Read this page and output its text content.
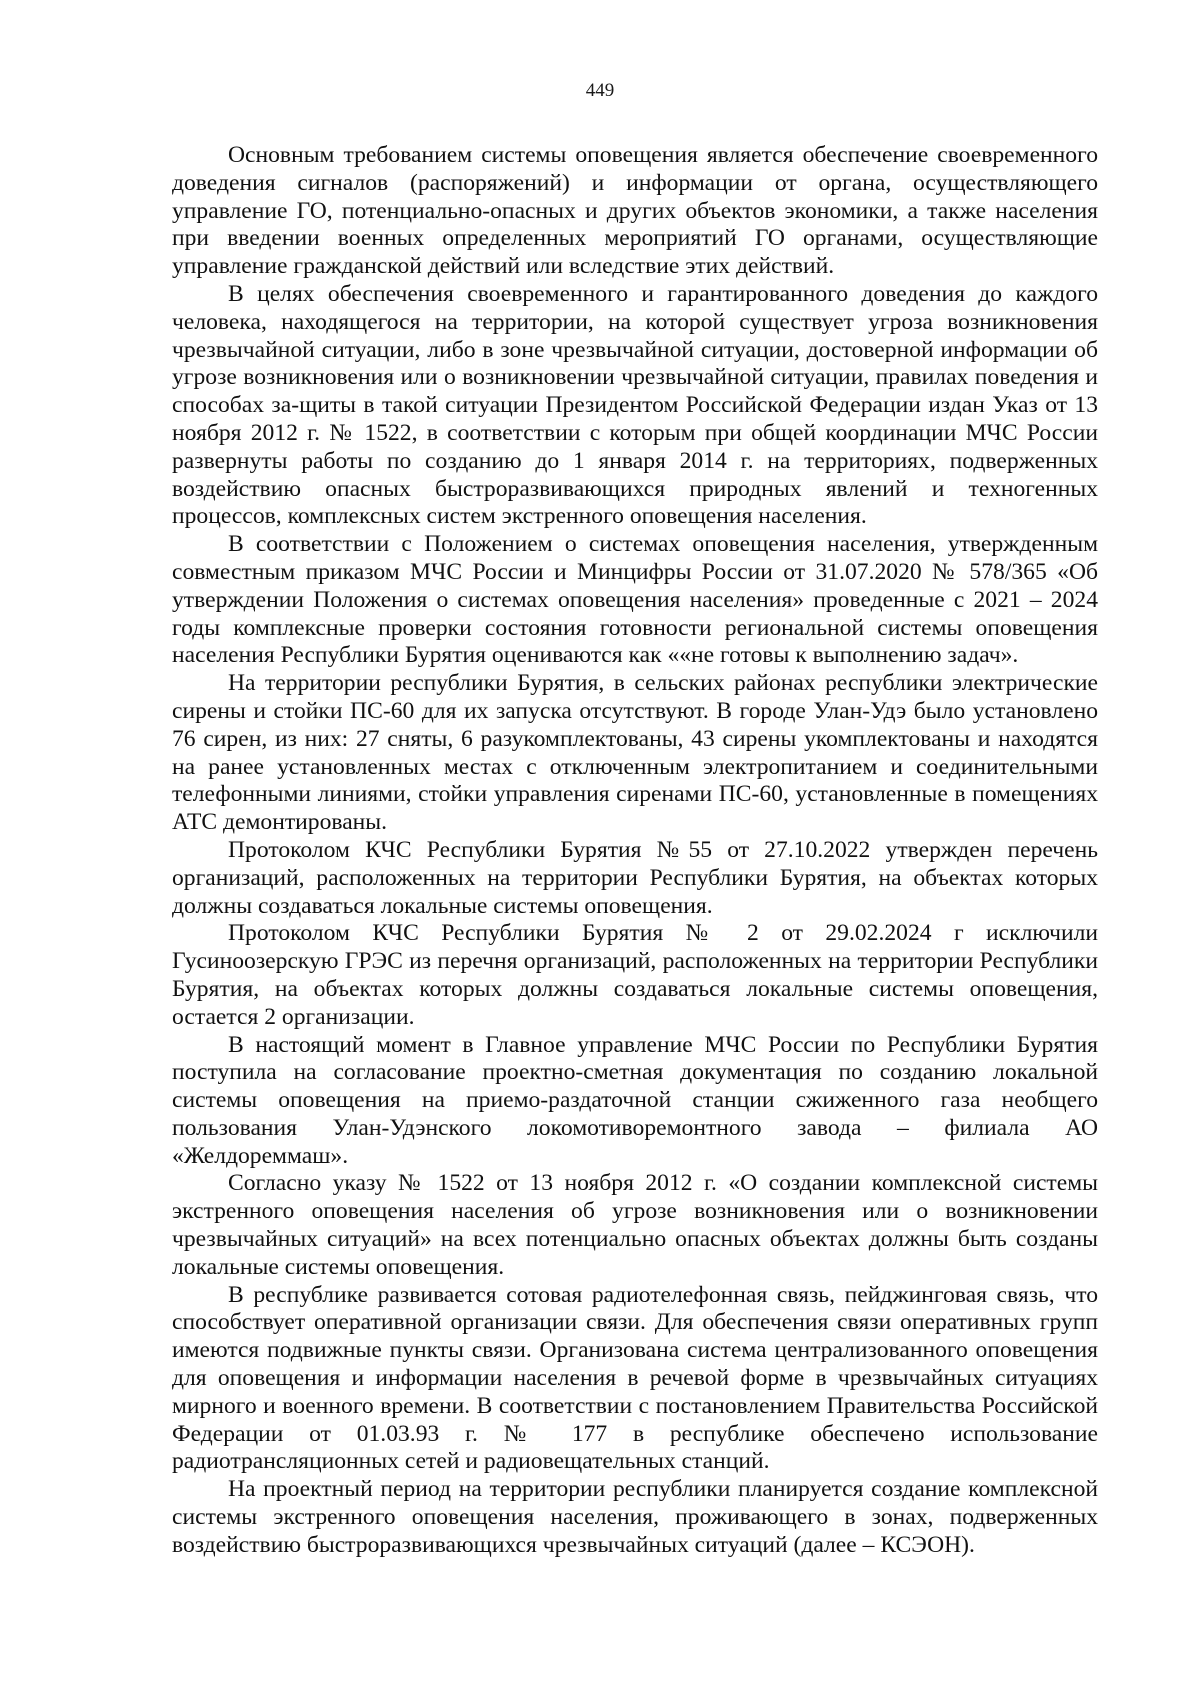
449

Основным требованием системы оповещения является обеспечение своевременного доведения сигналов (распоряжений) и информации от органа, осуществляющего управление ГО, потенциально-опасных и других объектов экономики, а также населения при введении военных определенных мероприятий ГО органами, осуществляющие управление гражданской действий или вследствие этих действий.

В целях обеспечения своевременного и гарантированного доведения до каждого человека, находящегося на территории, на которой существует угроза возникновения чрезвычайной ситуации, либо в зоне чрезвычайной ситуации, достоверной информации об угрозе возникновения или о возникновении чрезвычайной ситуации, правилах поведения и способах за-щиты в такой ситуации Президентом Российской Федерации издан Указ от 13 ноября 2012 г. № 1522, в соответствии с которым при общей координации МЧС России развернуты работы по созданию до 1 января 2014 г. на территориях, подверженных воздействию опасных быстроразвивающихся природных явлений и техногенных процессов, комплексных систем экстренного оповещения населения.

В соответствии с Положением о системах оповещения населения, утвержденным совместным приказом МЧС России и Минцифры России от 31.07.2020 № 578/365 «Об утверждении Положения о системах оповещения населения» проведенные с 2021 – 2024 годы комплексные проверки состояния готовности региональной системы оповещения населения Республики Бурятия оцениваются как ««не готовы к выполнению задач».

На территории республики Бурятия, в сельских районах республики электрические сирены и стойки ПС-60 для их запуска отсутствуют. В городе Улан-Удэ было установлено 76 сирен, из них: 27 сняты, 6 разукомплектованы, 43 сирены укомплектованы и находятся на ранее установленных местах с отключенным электропитанием и соединительными телефонными линиями, стойки управления сиренами ПС-60, установленные в помещениях АТС демонтированы.

Протоколом КЧС Республики Бурятия №55 от 27.10.2022 утвержден перечень организаций, расположенных на территории Республики Бурятия, на объектах которых должны создаваться локальные системы оповещения.

Протоколом КЧС Республики Бурятия № 2 от 29.02.2024 г исключили Гусиноозерскую ГРЭС из перечня организаций, расположенных на территории Республики Бурятия, на объектах которых должны создаваться локальные системы оповещения, остается 2 организации.

В настоящий момент в Главное управление МЧС России по Республики Бурятия поступила на согласование проектно-сметная документация по созданию локальной системы оповещения на приемо-раздаточной станции сжиженного газа необщего пользования Улан-Удэнского локомотиворемонтного завода – филиала АО «Желдореммаш».

Согласно указу № 1522 от 13 ноября 2012 г. «О создании комплексной системы экстренного оповещения населения об угрозе возникновения или о возникновении чрезвычайных ситуаций» на всех потенциально опасных объектах должны быть созданы локальные системы оповещения.

В республике развивается сотовая радиотелефонная связь, пейджинговая связь, что способствует оперативной организации связи. Для обеспечения связи оперативных групп имеются подвижные пункты связи. Организована система централизованного оповещения для оповещения и информации населения в речевой форме в чрезвычайных ситуациях мирного и военного времени. В соответствии с постановлением Правительства Российской Федерации от 01.03.93 г. № 177 в республике обеспечено использование радиотрансляционных сетей и радиовещательных станций.

На проектный период на территории республики планируется создание комплексной системы экстренного оповещения населения, проживающего в зонах, подверженных воздействию быстроразвивающихся чрезвычайных ситуаций (далее – КСЭОН).
